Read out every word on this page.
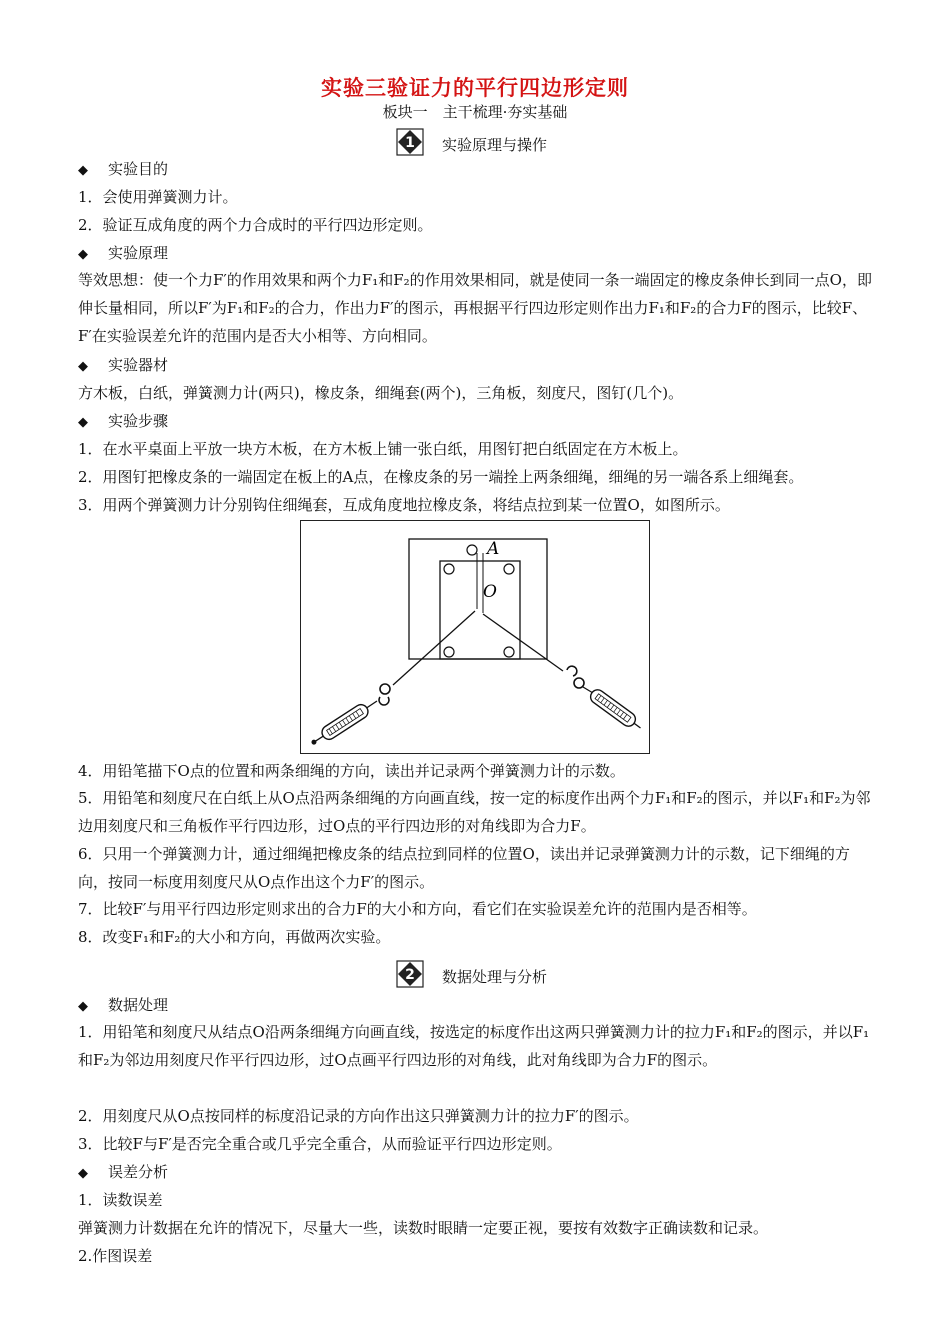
实验三验证力的平行四边形定则
板块一　主干梳理·夯实基础
1 实验原理与操作
◆ 实验目的
1．会使用弹簧测力计。
2．验证互成角度的两个力合成时的平行四边形定则。
◆ 实验原理
等效思想：使一个力F′的作用效果和两个力F₁和F₂的作用效果相同，就是使同一条一端固定的橡皮条伸长到同一点O，即伸长量相同，所以F′为F₁和F₂的合力，作出力F′的图示，再根据平行四边形定则作出力F₁和F₂的合力F的图示，比较F、F′在实验误差允许的范围内是否大小相等、方向相同。
◆ 实验器材
方木板，白纸，弹簧测力计(两只)，橡皮条，细绳套(两个)，三角板，刻度尺，图钉(几个)。
◆ 实验步骤
1．在水平桌面上平放一块方木板，在方木板上铺一张白纸，用图钉把白纸固定在方木板上。
2．用图钉把橡皮条的一端固定在板上的A点，在橡皮条的另一端拴上两条细绳，细绳的另一端各系上细绳套。
3．用两个弹簧测力计分别钩住细绳套，互成角度地拉橡皮条，将结点拉到某一位置O，如图所示。
A
O
4．用铅笔描下O点的位置和两条细绳的方向，读出并记录两个弹簧测力计的示数。
5．用铅笔和刻度尺在白纸上从O点沿两条细绳的方向画直线，按一定的标度作出两个力F₁和F₂的图示，并以F₁和F₂为邻边用刻度尺和三角板作平行四边形，过O点的平行四边形的对角线即为合力F。
6．只用一个弹簧测力计，通过细绳把橡皮条的结点拉到同样的位置O，读出并记录弹簧测力计的示数，记下细绳的方向，按同一标度用刻度尺从O点作出这个力F′的图示。
7．比较F′与用平行四边形定则求出的合力F的大小和方向，看它们在实验误差允许的范围内是否相等。
8．改变F₁和F₂的大小和方向，再做两次实验。
2 数据处理与分析
◆ 数据处理
1．用铅笔和刻度尺从结点O沿两条细绳方向画直线，按选定的标度作出这两只弹簧测力计的拉力F₁和F₂的图示，并以F₁和F₂为邻边用刻度尺作平行四边形，过O点画平行四边形的对角线，此对角线即为合力F的图示。
2．用刻度尺从O点按同样的标度沿记录的方向作出这只弹簧测力计的拉力F′的图示。
3．比较F与F′是否完全重合或几乎完全重合，从而验证平行四边形定则。
◆ 误差分析
1．读数误差
弹簧测力计数据在允许的情况下，尽量大一些，读数时眼睛一定要正视，要按有效数字正确读数和记录。
2.作图误差
